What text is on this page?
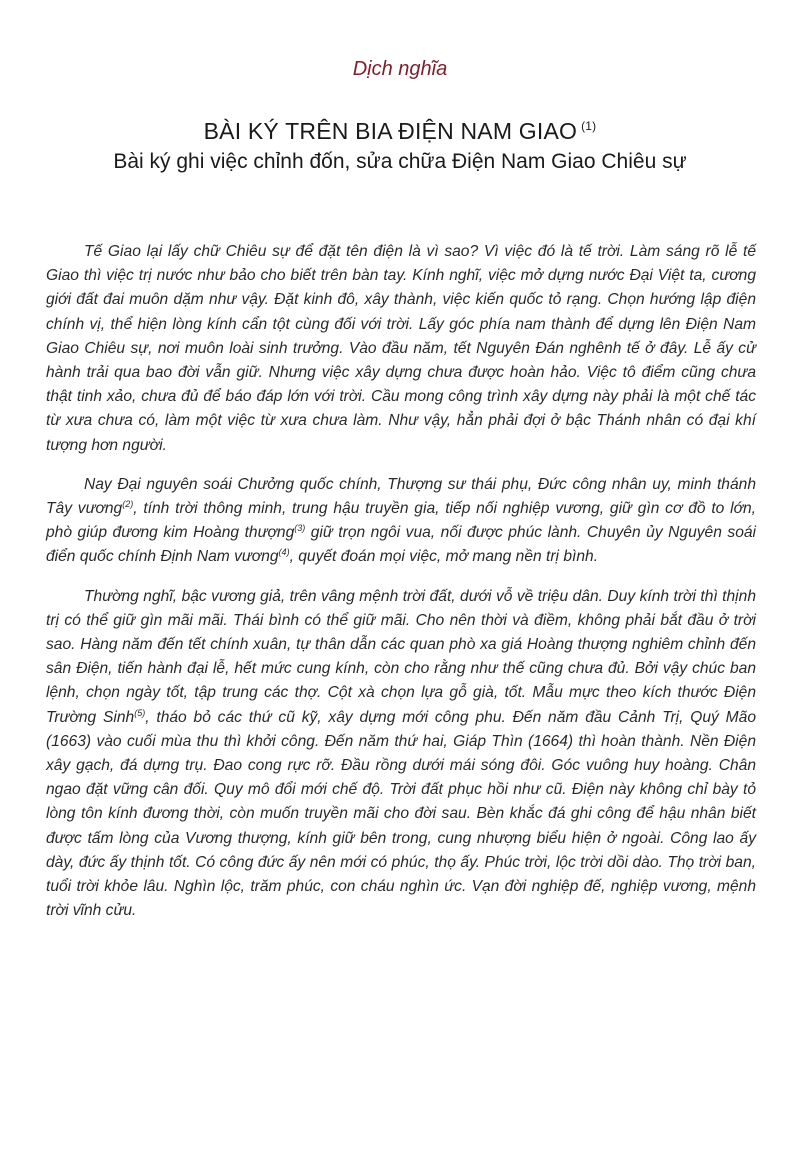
Dịch nghĩa
BÀI KÝ TRÊN BIA ĐIỆN NAM GIAO $^{(1)}$
Bài ký ghi việc chỉnh đốn, sửa chữa Điện Nam Giao Chiêu sự

Tế Giao lại lấy chữ Chiêu sự để đặt tên điện là vì sao? Vì việc đó là tế trời. Làm sáng rõ lễ tế Giao thì việc trị nước như bảo cho biết trên bàn tay. Kính nghĩ, việc mở dựng nước Đại Việt ta, cương giới đất đai muôn dặm như vậy. Đặt kinh đô, xây thành, việc kiến quốc tỏ rạng. Chọn hướng lập điện chính vị, thể hiện lòng kính cẩn tột cùng đối với trời. Lấy góc phía nam thành để dựng lên Điện Nam Giao Chiêu sự, nơi muôn loài sinh trưởng. Vào đầu năm, tết Nguyên Đán nghênh tế ở đây. Lễ ấy cử hành trải qua bao đời vẫn giữ. Nhưng việc xây dựng chưa được hoàn hảo. Việc tô điểm cũng chưa thật tinh xảo, chưa đủ để báo đáp lớn với trời. Cầu mong công trình xây dựng này phải là một chế tác từ xưa chưa có, làm một việc từ xưa chưa làm. Như vậy, hẳn phải đợi ở bậc Thánh nhân có đại khí tượng hơn người.

Nay Đại nguyên soái Chưởng quốc chính, Thượng sư thái phụ, Đức công nhân uy, minh thánh Tây vương$^{(2)}$, tính trời thông minh, trung hậu truyền gia, tiếp nối nghiệp vương, giữ gìn cơ đồ to lớn, phò giúp đương kim Hoàng thượng$^{(3)}$ giữ trọn ngôi vua, nối được phúc lành. Chuyên ủy Nguyên soái điển quốc chính Định Nam vương$^{(4)}$, quyết đoán mọi việc, mở mang nền trị bình.

Thường nghĩ, bậc vương giả, trên vâng mệnh trời đất, dưới vỗ về triệu dân. Duy kính trời thì thịnh trị có thể giữ gìn mãi mãi. Thái bình có thể giữ mãi. Cho nên thời và điềm, không phải bắt đầu ở trời sao. Hàng năm đến tết chính xuân, tự thân dẫn các quan phò xa giá Hoàng thượng nghiêm chỉnh đến sân Điện, tiến hành đại lễ, hết mức cung kính, còn cho rằng như thế cũng chưa đủ. Bởi vậy chúc ban lệnh, chọn ngày tốt, tập trung các thợ. Cột xà chọn lựa gỗ già, tốt. Mẫu mực theo kích thước Điện Trường Sinh$^{(5)}$, tháo bỏ các thứ cũ kỹ, xây dựng mới công phu. Đến năm đầu Cảnh Trị, Quý Mão (1663) vào cuối mùa thu thì khởi công. Đến năm thứ hai, Giáp Thìn (1664) thì hoàn thành. Nền Điện xây gạch, đá dựng trụ. Đao cong rực rỡ. Đầu rồng dưới mái sóng đôi. Góc vuông huy hoàng. Chân ngao đặt vững cân đối. Quy mô đổi mới chế độ. Trời đất phục hồi như cũ. Điện này không chỉ bày tỏ lòng tôn kính đương thời, còn muốn truyền mãi cho đời sau. Bèn khắc đá ghi công để hậu nhân biết được tấm lòng của Vương thượng, kính giữ bên trong, cung nhượng biểu hiện ở ngoài. Công lao ấy dày, đức ấy thịnh tốt. Có công đức ấy nên mới có phúc, thọ ấy. Phúc trời, lộc trời dồi dào. Thọ trời ban, tuổi trời khỏe lâu. Nghìn lộc, trăm phúc, con cháu nghìn ức. Vạn đời nghiệp đế, nghiệp vương, mệnh trời vĩnh cửu.
